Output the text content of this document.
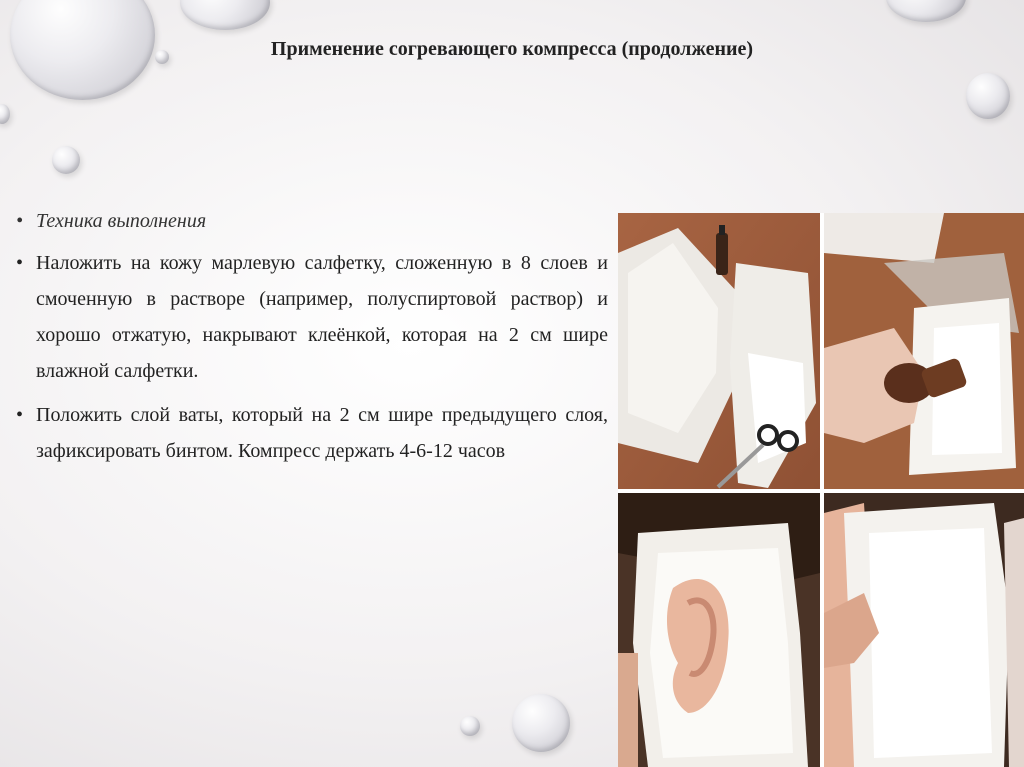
Применение согревающего компресса (продолжение)
• Техника выполнения
• Наложить на кожу марлевую салфетку, сложенную в 8 слоев и смоченную в растворе (например, полуспиртовой раствор) и хорошо отжатую, накрывают клеёнкой, которая на 2 см шире влажной салфетки.
• Положить слой ваты, который на 2 см шире предыдущего слоя, зафиксировать бинтом. Компресс держать 4-6-12 часов
